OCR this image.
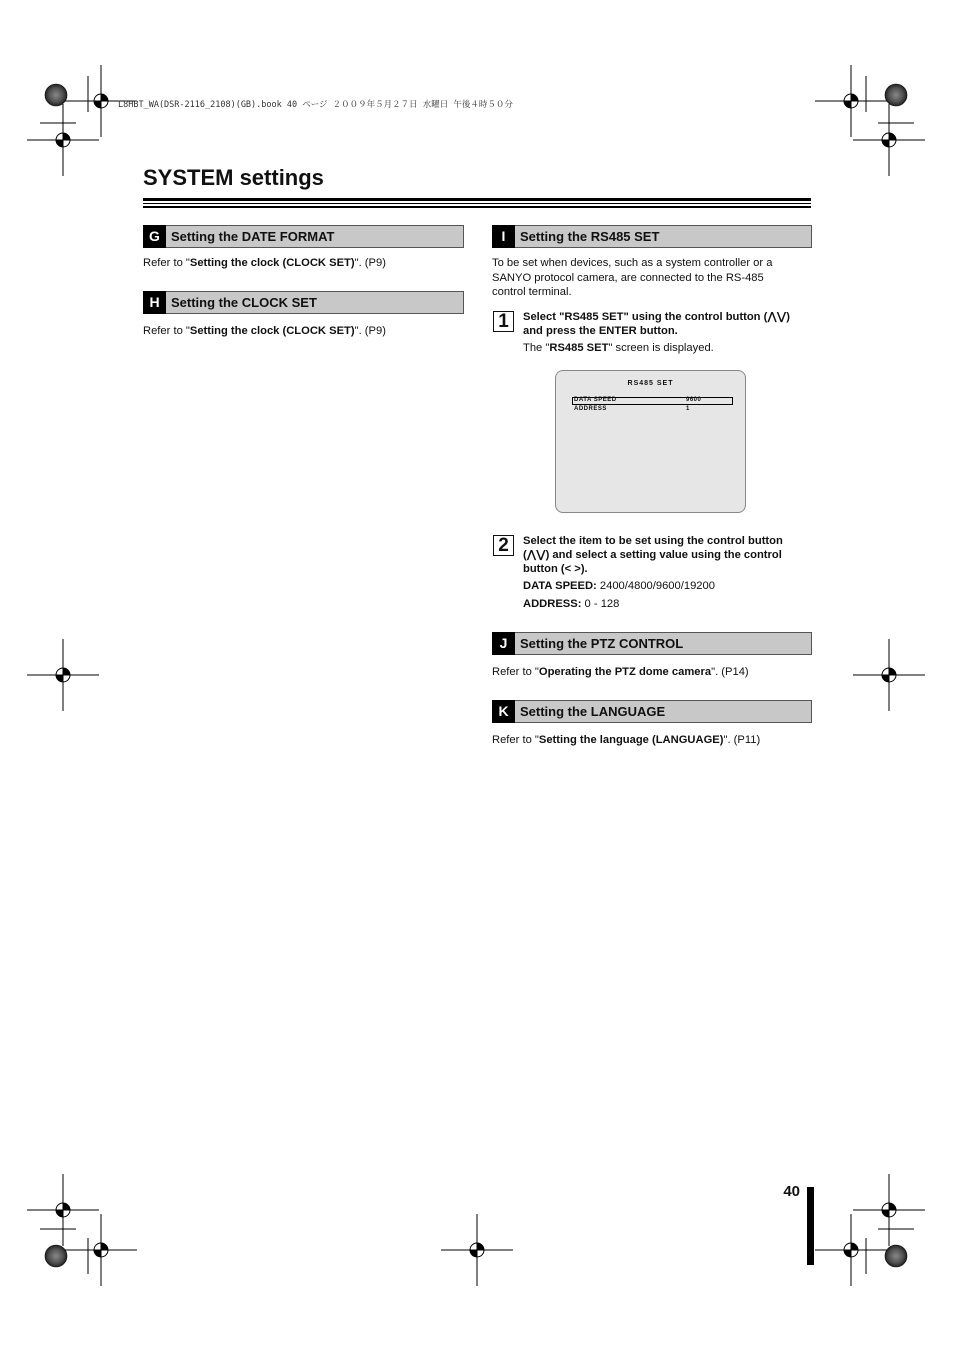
L8HBT_WA(DSR-2116_2108)(GB).book 40 ページ ２００９年５月２７日 水曜日 午後４時５０分
SYSTEM settings
G Setting the DATE FORMAT
Refer to "Setting the clock (CLOCK SET)". (P9)
H Setting the CLOCK SET
Refer to "Setting the clock (CLOCK SET)". (P9)
I	Setting the RS485 SET
To be set when devices, such as a system controller or a
SANYO protocol camera, are connected to the RS-485
control terminal.
1	Select "RS485 SET" using the control button (⋀⋁)
and press the ENTER button.
The "RS485 SET" screen is displayed.
RS485 SET
DATA SPEED	9600
ADDRESS	1
2	Select the item to be set using the control button
(⋀⋁) and select a setting value using the control
button (< >).
DATA SPEED: 2400/4800/9600/19200
ADDRESS: 0 - 128
J Setting the PTZ CONTROL
Refer to "Operating the PTZ dome camera". (P14)
K Setting the LANGUAGE
Refer to "Setting the language (LANGUAGE)". (P11)
40
